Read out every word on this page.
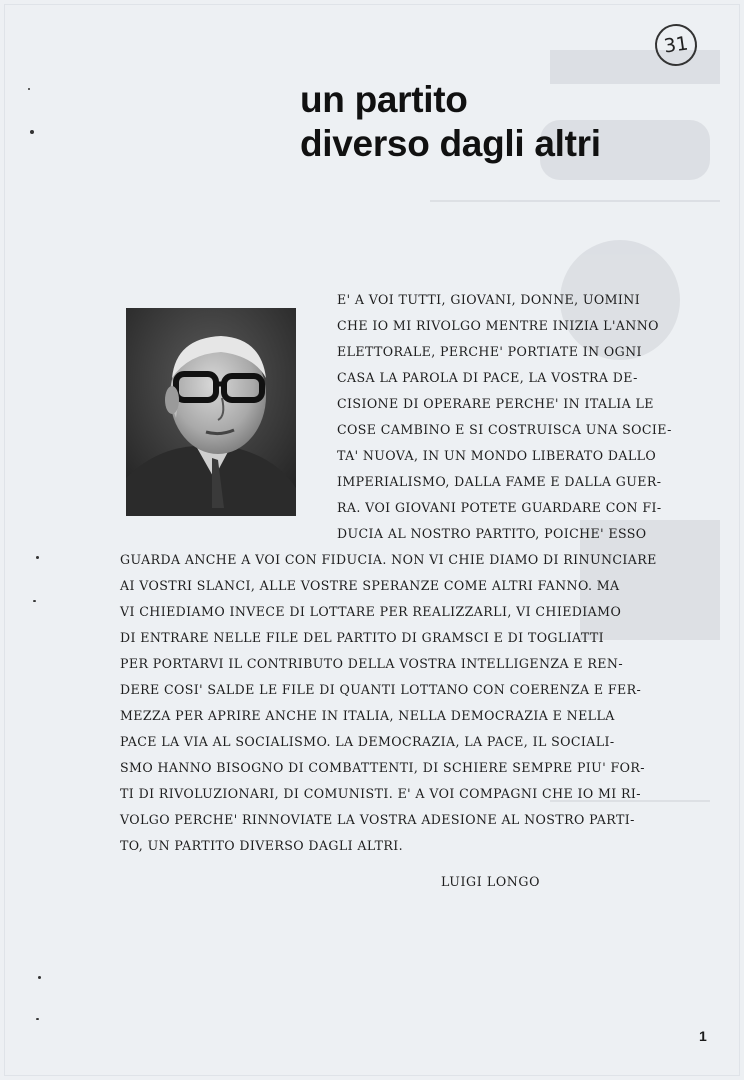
31
un partito
diverso dagli altri
E' A VOI TUTTI, GIOVANI, DONNE, UOMINI
CHE IO MI RIVOLGO MENTRE INIZIA L'ANNO
ELETTORALE, PERCHE' PORTIATE IN OGNI
CASA LA PAROLA DI PACE, LA VOSTRA DE-
CISIONE DI OPERARE PERCHE' IN ITALIA LE
COSE CAMBINO E SI COSTRUISCA UNA SOCIE-
TA' NUOVA, IN UN MONDO LIBERATO DALLO
IMPERIALISMO, DALLA FAME E DALLA GUER-
RA. VOI GIOVANI POTETE GUARDARE CON FI-
DUCIA AL NOSTRO PARTITO, POICHE' ESSO
GUARDA ANCHE A VOI CON FIDUCIA. NON VI CHIE DIAMO DI RINUNCIARE
AI VOSTRI SLANCI, ALLE VOSTRE SPERANZE COME ALTRI FANNO. MA
VI CHIEDIAMO INVECE DI LOTTARE PER REALIZZARLI, VI CHIEDIAMO
DI ENTRARE NELLE FILE DEL PARTITO DI GRAMSCI E DI TOGLIATTI
PER PORTARVI IL CONTRIBUTO DELLA VOSTRA INTELLIGENZA E REN-
DERE COSI' SALDE LE FILE DI QUANTI LOTTANO CON COERENZA E FER-
MEZZA PER APRIRE ANCHE IN ITALIA, NELLA DEMOCRAZIA E NELLA
PACE LA VIA AL SOCIALISMO. LA DEMOCRAZIA, LA PACE, IL SOCIALI-
SMO HANNO BISOGNO DI COMBATTENTI, DI SCHIERE SEMPRE PIU' FOR-
TI DI RIVOLUZIONARI, DI COMUNISTI. E' A VOI COMPAGNI CHE IO MI RI-
VOLGO PERCHE' RINNOVIATE LA VOSTRA ADESIONE AL NOSTRO PARTI-
TO, UN PARTITO DIVERSO DAGLI ALTRI.
LUIGI LONGO
1
